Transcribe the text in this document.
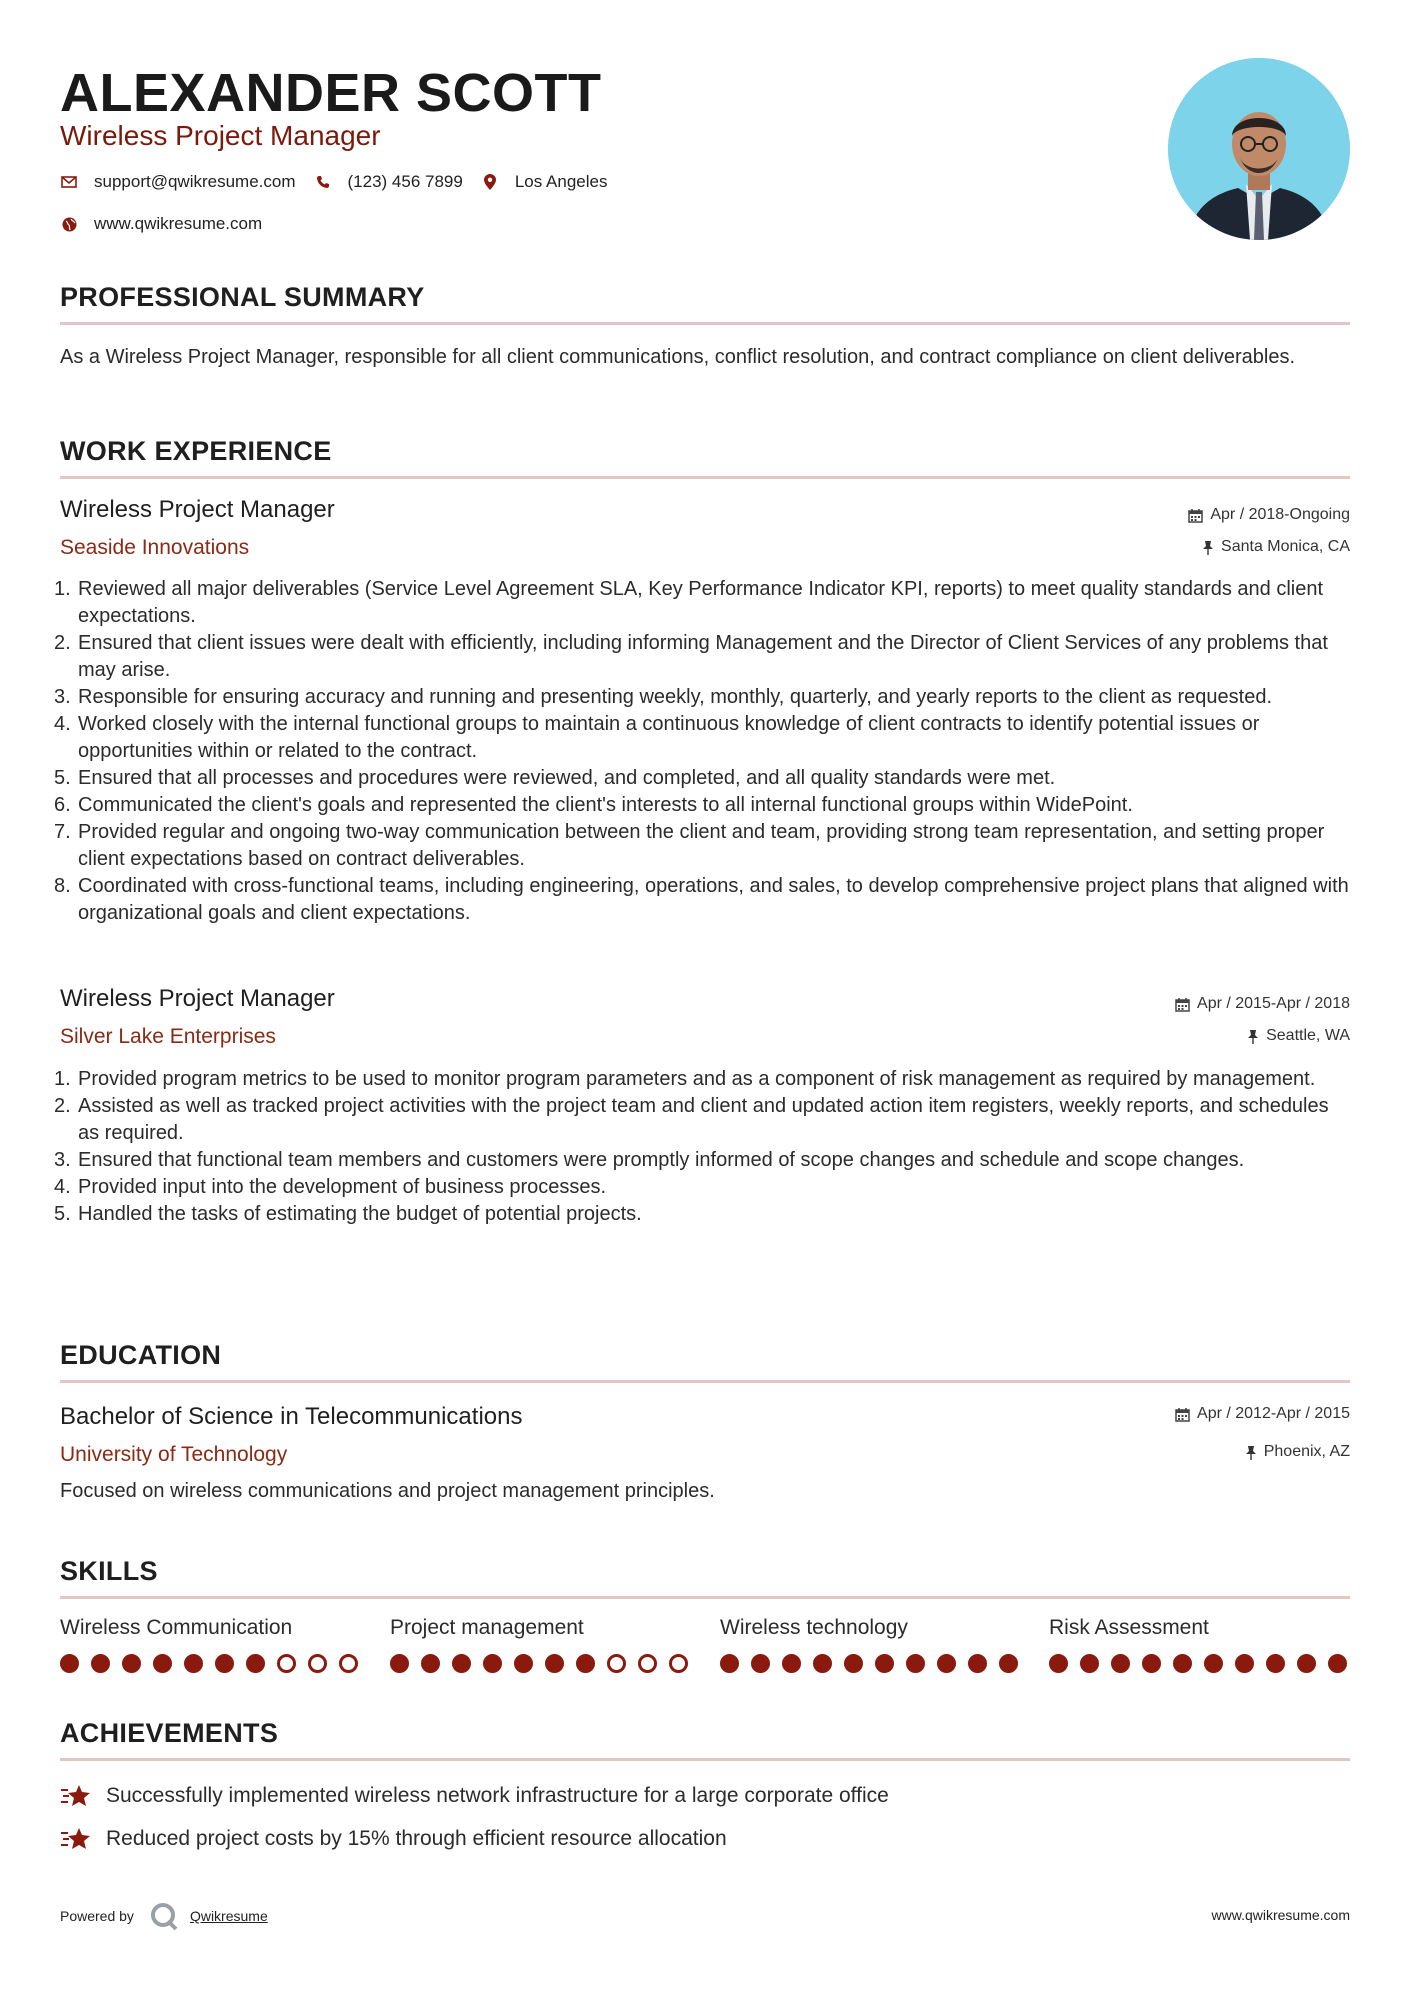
ALEXANDER SCOTT
Wireless Project Manager
support@qwikresume.com	(123) 456 7899	Los Angeles
www.qwikresume.com
PROFESSIONAL SUMMARY
As a Wireless Project Manager, responsible for all client communications, conflict resolution, and contract compliance on client deliverables.
WORK EXPERIENCE
Wireless Project Manager	Apr / 2018-Ongoing
Seaside Innovations	Santa Monica, CA
Reviewed all major deliverables (Service Level Agreement SLA, Key Performance Indicator KPI, reports) to meet quality standards and client expectations.
Ensured that client issues were dealt with efficiently, including informing Management and the Director of Client Services of any problems that may arise.
Responsible for ensuring accuracy and running and presenting weekly, monthly, quarterly, and yearly reports to the client as requested.
Worked closely with the internal functional groups to maintain a continuous knowledge of client contracts to identify potential issues or opportunities within or related to the contract.
Ensured that all processes and procedures were reviewed, and completed, and all quality standards were met.
Communicated the client's goals and represented the client's interests to all internal functional groups within WidePoint.
Provided regular and ongoing two-way communication between the client and team, providing strong team representation, and setting proper client expectations based on contract deliverables.
Coordinated with cross-functional teams, including engineering, operations, and sales, to develop comprehensive project plans that aligned with organizational goals and client expectations.
Wireless Project Manager	Apr / 2015-Apr / 2018
Silver Lake Enterprises	Seattle, WA
Provided program metrics to be used to monitor program parameters and as a component of risk management as required by management.
Assisted as well as tracked project activities with the project team and client and updated action item registers, weekly reports, and schedules as required.
Ensured that functional team members and customers were promptly informed of scope changes and schedule and scope changes.
Provided input into the development of business processes.
Handled the tasks of estimating the budget of potential projects.
EDUCATION
Bachelor of Science in Telecommunications	Apr / 2012-Apr / 2015
University of Technology	Phoenix, AZ
Focused on wireless communications and project management principles.
SKILLS
Wireless Communication	Project management	Wireless technology	Risk Assessment
ACHIEVEMENTS
Successfully implemented wireless network infrastructure for a large corporate office
Reduced project costs by 15% through efficient resource allocation
Powered by	Qwikresume	www.qwikresume.com
